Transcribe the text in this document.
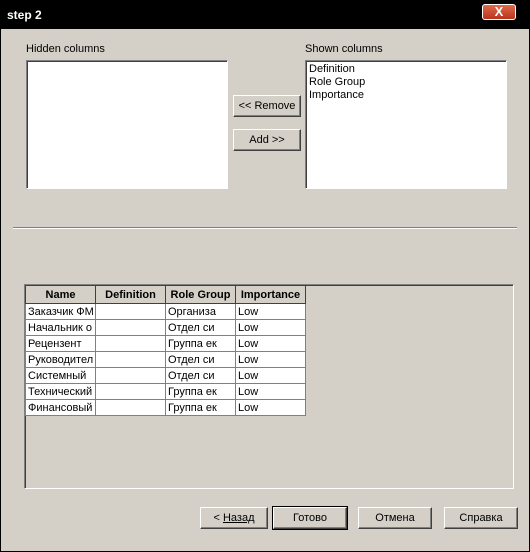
step 2	X
Hidden columns	Shown columns
Definition
Role Group
Importance
<< Remove
Add >>
Name	Definition	Role Group	Importance
Заказчик ФМ		Организа	Low
Начальник о		Отдел си	Low
Рецензент		Группа ек	Low
Руководител		Отдел си	Low
Системный		Отдел си	Low
Технический		Группа ек	Low
Финансовый		Группа ек	Low
< Назад	Готово	Отмена	Справка
